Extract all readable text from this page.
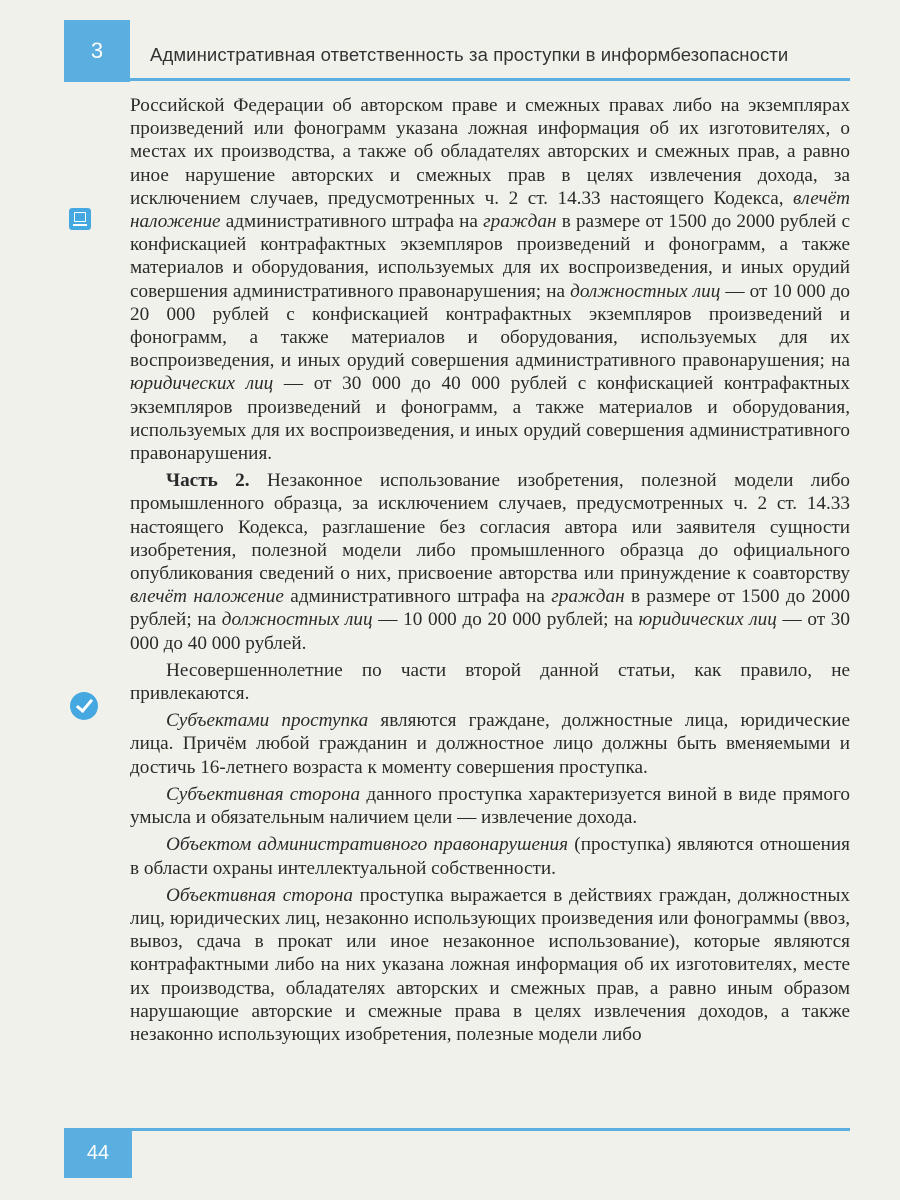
3	Административная ответственность за проступки в информбезопасности

Российской Федерации об авторском праве и смежных правах либо на экземплярах произведений или фонограмм указана ложная информация об их изготовителях, о местах их производства, а также об обладателях авторских и смежных прав, а равно иное нарушение авторских и смежных прав в целях извлечения дохода, за исключением случаев, предусмотренных ч. 2 ст. 14.33 настоящего Кодекса, влечёт наложение административного штрафа на граждан в размере от 1500 до 2000 рублей с конфискацией контрафактных экземпляров произведений и фонограмм, а также материалов и оборудования, используемых для их воспроизведения, и иных орудий совершения административного правонарушения; на должностных лиц — от 10 000 до 20 000 рублей с конфискацией контрафактных экземпляров произведений и фонограмм, а также материалов и оборудования, используемых для их воспроизведения, и иных орудий совершения административного правонарушения; на юридических лиц — от 30 000 до 40 000 рублей с конфискацией контрафактных экземпляров произведений и фонограмм, а также материалов и оборудования, используемых для их воспроизведения, и иных орудий совершения административного правонарушения.

Часть 2. Незаконное использование изобретения, полезной модели либо промышленного образца, за исключением случаев, предусмотренных ч. 2 ст. 14.33 настоящего Кодекса, разглашение без согласия автора или заявителя сущности изобретения, полезной модели либо промышленного образца до официального опубликования сведений о них, присвоение авторства или принуждение к соавторству влечёт наложение административного штрафа на граждан в размере от 1500 до 2000 рублей; на должностных лиц — 10 000 до 20 000 рублей; на юридических лиц — от 30 000 до 40 000 рублей.

Несовершеннолетние по части второй данной статьи, как правило, не привлекаются.

Субъектами проступка являются граждане, должностные лица, юридические лица. Причём любой гражданин и должностное лицо должны быть вменяемыми и достичь 16-летнего возраста к моменту совершения проступка.

Субъективная сторона данного проступка характеризуется виной в виде прямого умысла и обязательным наличием цели — извлечение дохода.

Объектом административного правонарушения (проступка) являются отношения в области охраны интеллектуальной собственности.

Объективная сторона проступка выражается в действиях граждан, должностных лиц, юридических лиц, незаконно использующих произведения или фонограммы (ввоз, вывоз, сдача в прокат или иное незаконное использование), которые являются контрафактными либо на них указана ложная информация об их изготовителях, месте их производства, обладателях авторских и смежных прав, а равно иным образом нарушающие авторские и смежные права в целях извлечения доходов, а также незаконно использующих изобретения, полезные модели либо

44
